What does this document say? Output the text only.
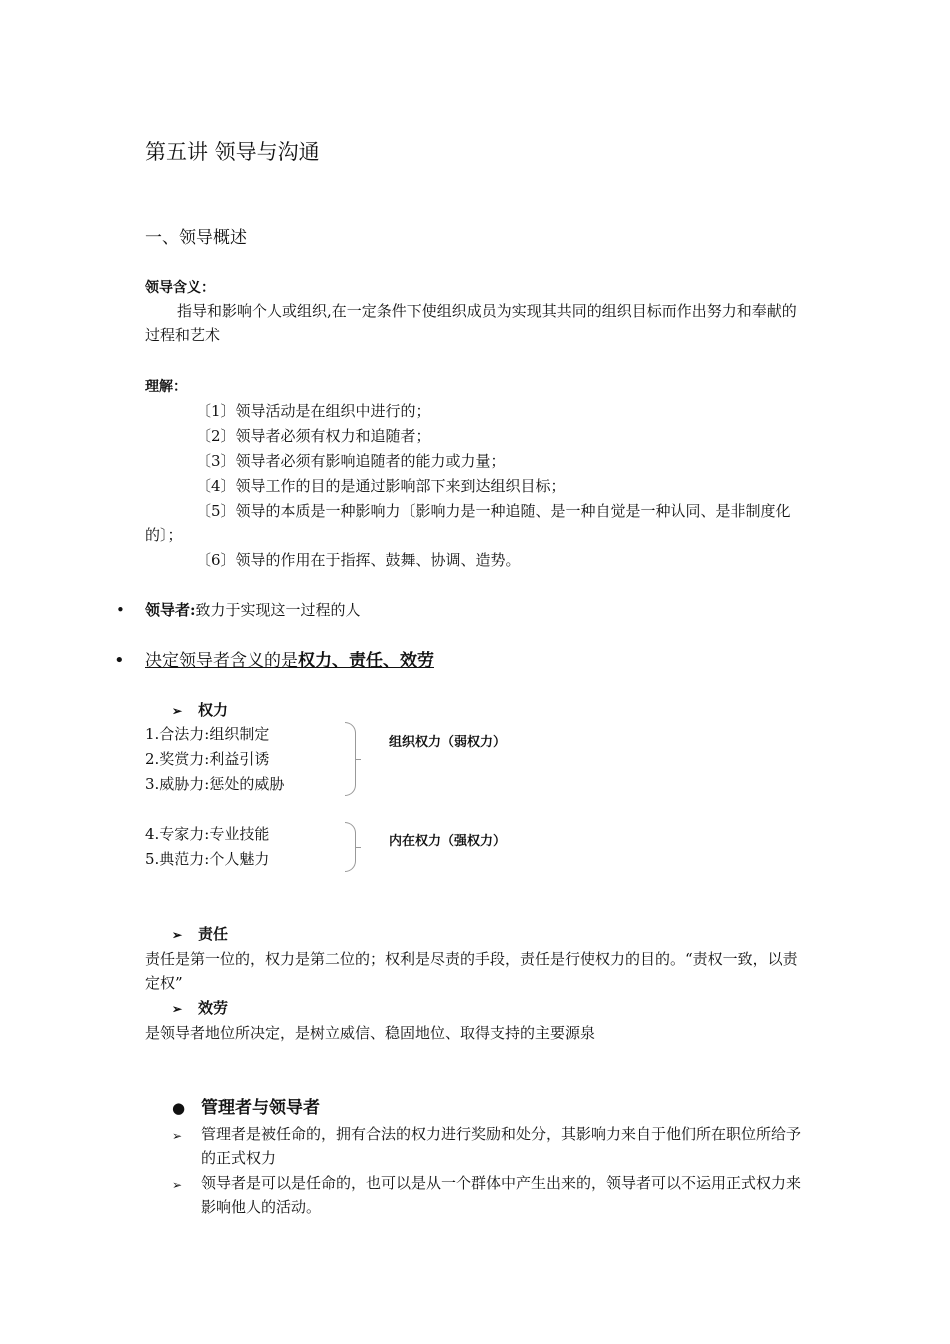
第五讲 领导与沟通
一、领导概述
领导含义：
指导和影响个人或组织,在一定条件下使组织成员为实现其共同的组织目标而作出努力和奉献的过程和艺术
理解：
〔1〕领导活动是在组织中进行的；
〔2〕领导者必须有权力和追随者；
〔3〕领导者必须有影响追随者的能力或力量；
〔4〕领导工作的目的是通过影响部下来到达组织目标；
〔5〕领导的本质是一种影响力〔影响力是一种追随、是一种自觉是一种认同、是非制度化的〕；
〔6〕领导的作用在于指挥、鼓舞、协调、造势。
• 领导者:致力于实现这一过程的人
• 决定领导者含义的是权力、责任、效劳
➢ 权力
1.合法力:组织制定
2.奖赏力:利益引诱
3.威胁力:惩处的威胁
组织权力（弱权力）
4.专家力:专业技能
5.典范力:个人魅力
内在权力（强权力）
➢ 责任
责任是第一位的，权力是第二位的；权利是尽责的手段，责任是行使权力的目的。“责权一致，以责定权”
➢ 效劳
是领导者地位所决定，是树立威信、稳固地位、取得支持的主要源泉
● 管理者与领导者
➢ 管理者是被任命的，拥有合法的权力进行奖励和处分，其影响力来自于他们所在职位所给予的正式权力
➢ 领导者是可以是任命的，也可以是从一个群体中产生出来的，领导者可以不运用正式权力来影响他人的活动。
